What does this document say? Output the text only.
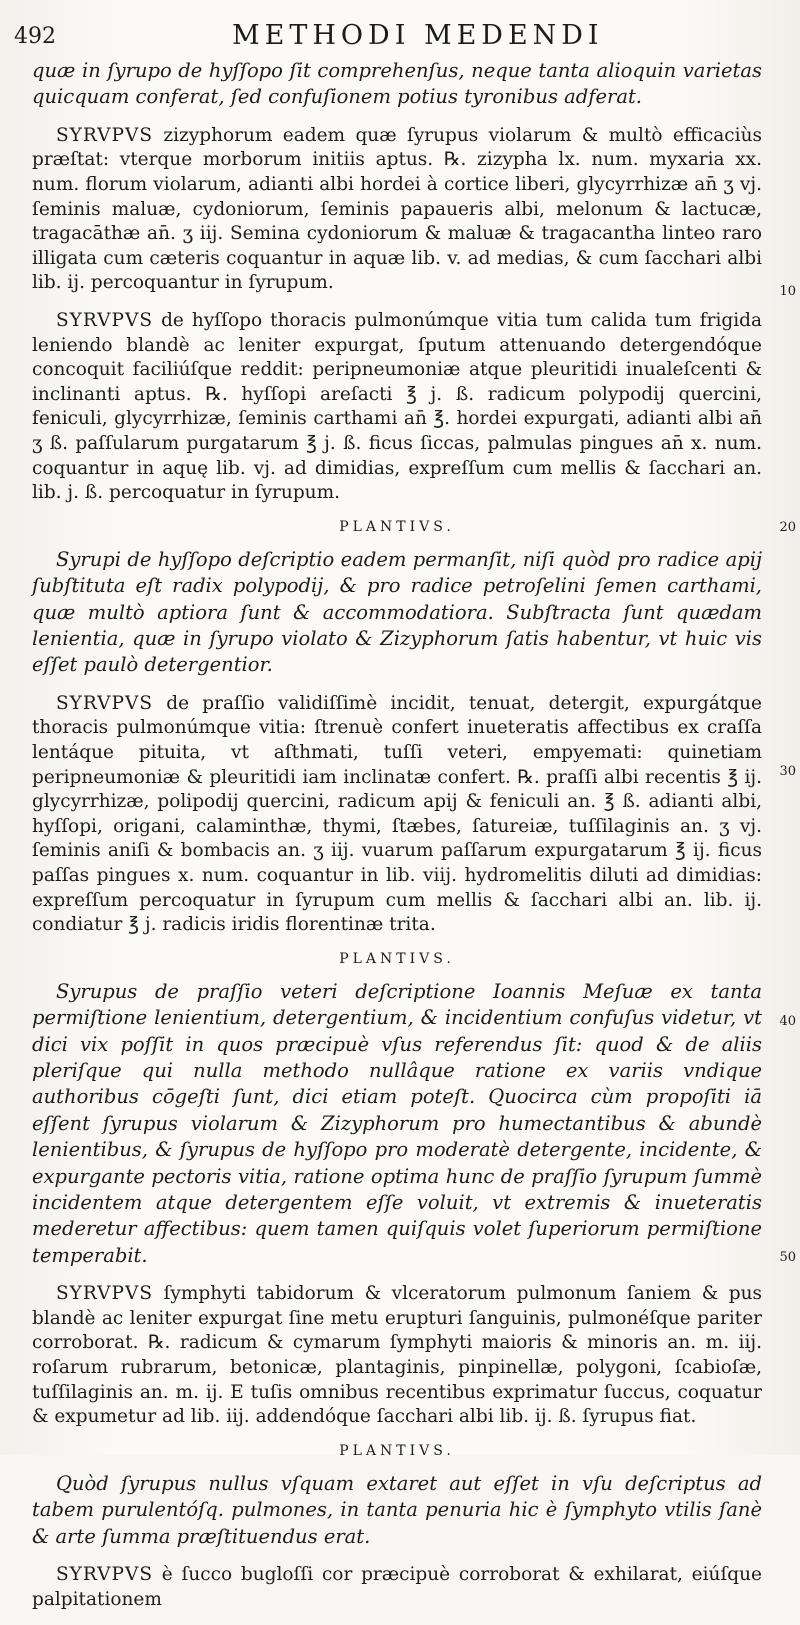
492	METHODI MEDENDI

quæ in ſyrupo de hyſſopo ſit comprehenſus, neque tanta alioquin varietas quicquam conferat, ſed confuſionem potius tyronibus adferat.

SYRVPVS zizyphorum eadem quæ ſyrupus violarum & multò efficaciùs præſtat: vterque morborum initiis aptus. ℞. zizypha lx. num. myxaria xx. num. florum violarum, adianti albi hordei à cortice liberi, glycyrrhizæ an̄ ʒ vj. ſeminis maluæ, cydoniorum, ſeminis papaueris albi, melonum & lactucæ, tragacāthæ an̄. ʒ iij. Semina cydoniorum & maluæ & tragacantha linteo raro illigata cum cæteris coquantur in aquæ lib. v. ad medias, & cum ſacchari albi lib. ij. percoquantur in ſyrupum.

SYRVPVS de hyſſopo thoracis pulmonúmque vitia tum calida tum frigida leniendo blandè ac leniter expurgat, ſputum attenuando detergendóque concoquit faciliúſque reddit: peripneumoniæ atque pleuritidi inualeſcenti & inclinanti aptus. ℞. hyſſopi areſacti ℥ j. ß. radicum polypodij quercini, feniculi, glycyrrhizæ, ſeminis carthami an̄ ℥. hordei expurgati, adianti albi an̄ ʒ ß. paſſularum purgatarum ℥ j. ß. ficus ſiccas, palmulas pingues an̄ x. num. coquantur in aquę lib. vj. ad dimidias, expreſſum cum mellis & ſacchari an. lib. j. ß. percoquatur in ſyrupum.

PLANTIVS.

Syrupi de hyſſopo deſcriptio eadem permanſit, niſi quòd pro radice apij ſubſtituta eſt radix polypodij, & pro radice petroſelini ſemen carthami, quæ multò aptiora ſunt & accommodatiora. Subſtracta ſunt quædam lenientia, quæ in ſyrupo violato & Zizyphorum ſatis habentur, vt huic vis eſſet paulò detergentior.

SYRVPVS de praſſio validiſſimè incidit, tenuat, detergit, expurgátque thoracis pulmonúmque vitia: ſtrenuè confert inueteratis affectibus ex craſſa lentáque pituita, vt aſthmati, tuſſi veteri, empyemati: quinetiam peripneumoniæ & pleuritidi iam inclinatæ confert. ℞. praſſi albi recentis ℥ ij. glycyrrhizæ, polipodij quercini, radicum apij & feniculi an. ℥ ß. adianti albi, hyſſopi, origani, calaminthæ, thymi, ſtæbes, ſatureiæ, tuſſilaginis an. ʒ vj. ſeminis aniſi & bombacis an. ʒ iij. vuarum paſſarum expurgatarum ℥ ij. ficus paſſas pingues x. num. coquantur in lib. viij. hydromelitis diluti ad dimidias: expreſſum percoquatur in ſyrupum cum mellis & ſacchari albi an. lib. ij. condiatur ℥ j. radicis iridis florentinæ trita.

PLANTIVS.

Syrupus de praſſio veteri deſcriptione Ioannis Meſuæ ex tanta permiſtione lenientium, detergentium, & incidentium confuſus videtur, vt dici vix poſſit in quos præcipuè vſus referendus ſit: quod & de aliis pleriſque qui nulla methodo nullâque ratione ex variis vndique authoribus cōgeſti ſunt, dici etiam poteſt. Quocirca cùm propoſiti iā eſſent ſyrupus violarum & Zizyphorum pro humectantibus & abundè lenientibus, & ſyrupus de hyſſopo pro moderatè detergente, incidente, & expurgante pectoris vitia, ratione optima hunc de praſſio ſyrupum ſummè incidentem atque detergentem eſſe voluit, vt extremis & inueteratis mederetur affectibus: quem tamen quiſquis volet ſuperiorum permiſtione temperabit.

SYRVPVS ſymphyti tabidorum & vlceratorum pulmonum ſaniem & pus blandè ac leniter expurgat ſine metu erupturi ſanguinis, pulmonéſque pariter corroborat. ℞. radicum & cymarum ſymphyti maioris & minoris an. m. iij. roſarum rubrarum, betonicæ, plantaginis, pinpinellæ, polygoni, ſcabioſæ, tuſſilaginis an. m. ij. E tuſis omnibus recentibus exprimatur ſuccus, coquatur & expumetur ad lib. iij. addendóque ſacchari albi lib. ij. ß. ſyrupus fiat.

PLANTIVS.

Quòd ſyrupus nullus vſquam extaret aut eſſet in vſu deſcriptus ad tabem purulentóſq. pulmones, in tanta penuria hic è ſymphyto vtilis ſanè & arte ſumma præſtituendus erat.

SYRVPVS è ſucco bugloſſi cor præcipuè corroborat & exhilarat, eiúſque palpitationem

10
20
30
40
50
